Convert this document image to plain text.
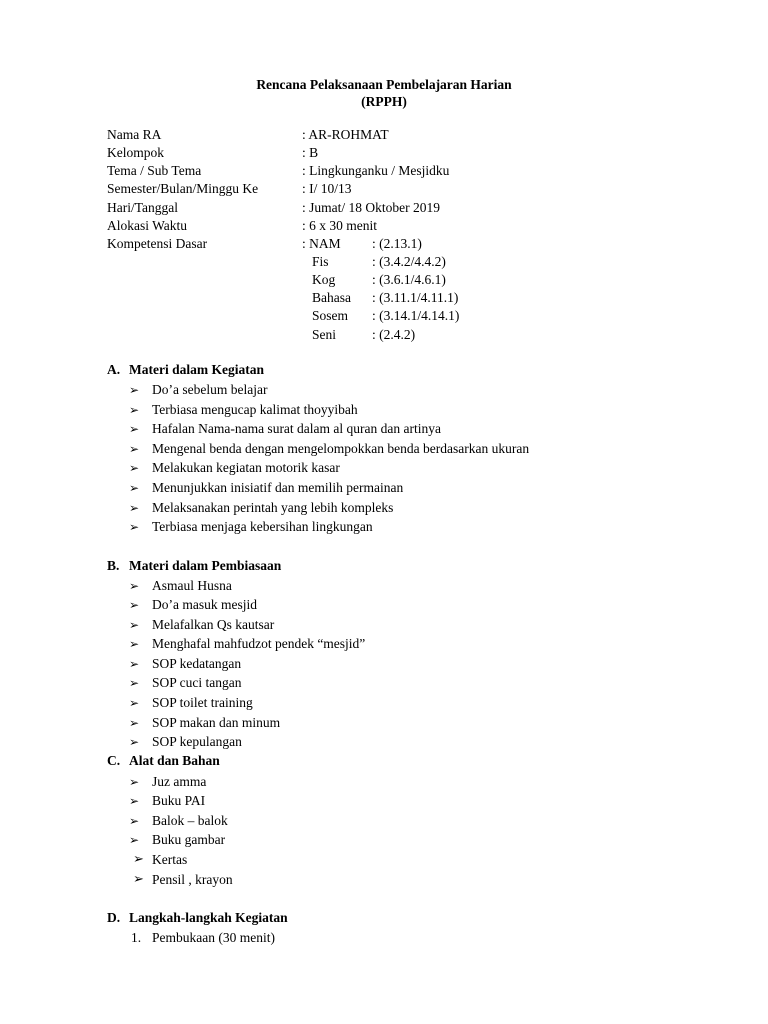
Rencana Pelaksanaan Pembelajaran Harian
(RPPH)
Nama RA	: AR-ROHMAT
Kelompok	: B
Tema / Sub Tema	: Lingkunganku / Mesjidku
Semester/Bulan/Minggu Ke	: I/ 10/13
Hari/Tanggal	: Jumat/ 18 Oktober 2019
Alokasi Waktu	: 6 x 30 menit
Kompetensi Dasar	: NAM : (2.13.1)
Fis	: (3.4.2/4.4.2)
Kog	: (3.6.1/4.6.1)
Bahasa : (3.11.1/4.11.1)
Sosem : (3.14.1/4.14.1)
Seni	: (2.4.2)
A. Materi dalam Kegiatan
➢ Do’a sebelum belajar
➢ Terbiasa mengucap kalimat thoyyibah
➢ Hafalan Nama-nama surat dalam al quran dan artinya
➢ Mengenal benda dengan mengelompokkan benda berdasarkan ukuran
➢ Melakukan kegiatan motorik kasar
➢ Menunjukkan inisiatif dan memilih permainan
➢ Melaksanakan perintah yang lebih kompleks
➢ Terbiasa menjaga kebersihan lingkungan
B. Materi dalam Pembiasaan
➢ Asmaul Husna
➢ Do’a masuk mesjid
➢ Melafalkan Qs kautsar
➢ Menghafal mahfudzot pendek “mesjid”
➢ SOP kedatangan
➢ SOP cuci tangan
➢ SOP toilet training
➢ SOP makan dan minum
➢ SOP kepulangan
C. Alat dan Bahan
➢ Juz amma
➢ Buku PAI
➢ Balok – balok
➢ Buku gambar
➢ Kertas
➢ Pensil , krayon
D. Langkah-langkah Kegiatan
1. Pembukaan (30 menit)
